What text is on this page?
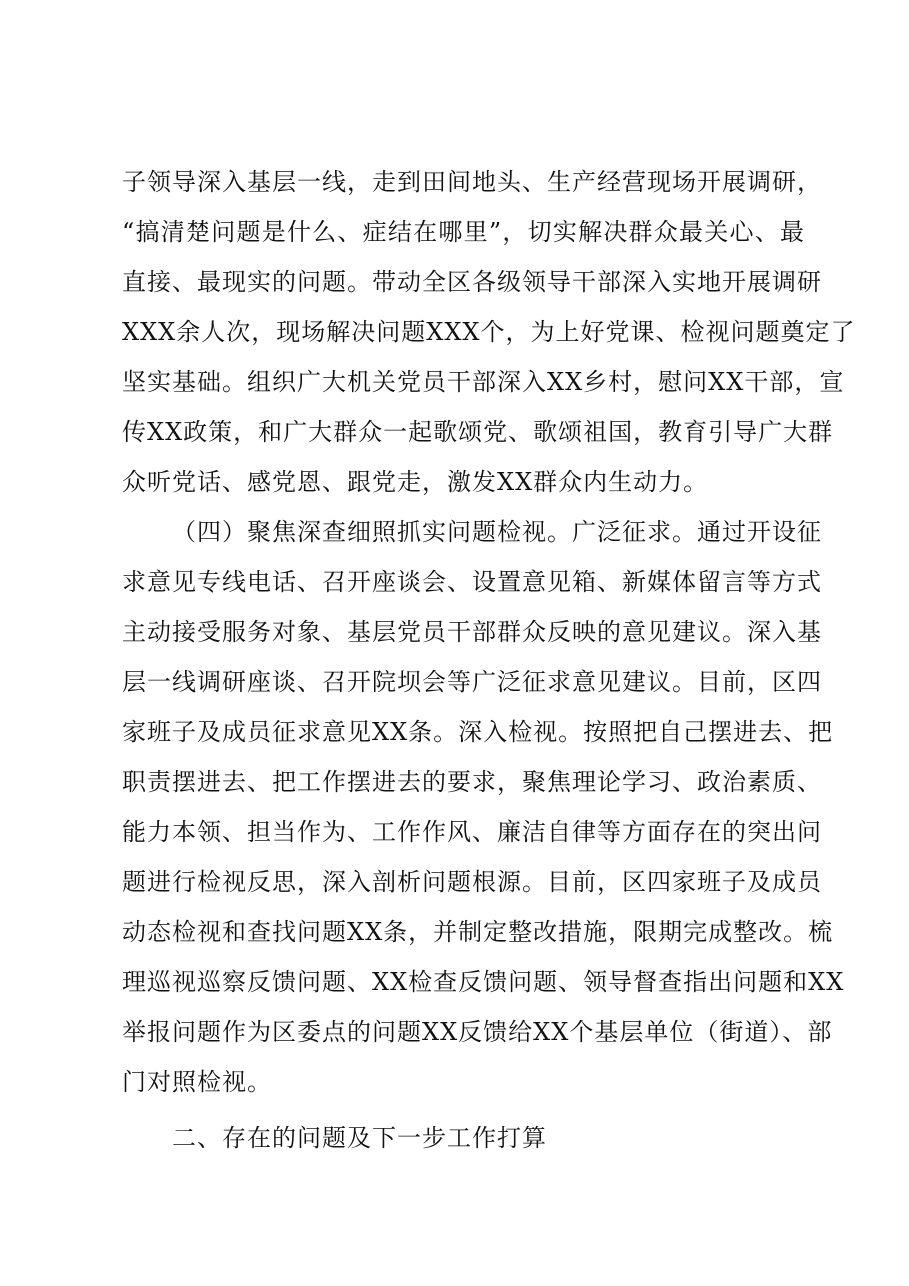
子领导深入基层一线，走到田间地头、生产经营现场开展调研，
“搞清楚问题是什么、症结在哪里”，切实解决群众最关心、最
直接、最现实的问题。带动全区各级领导干部深入实地开展调研
XXX余人次，现场解决问题XXX个，为上好党课、检视问题奠定了
坚实基础。组织广大机关党员干部深入XX乡村，慰问XX干部，宣
传XX政策，和广大群众一起歌颂党、歌颂祖国，教育引导广大群
众听党话、感党恩、跟党走，激发XX群众内生动力。
（四）聚焦深查细照抓实问题检视。广泛征求。通过开设征
求意见专线电话、召开座谈会、设置意见箱、新媒体留言等方式
主动接受服务对象、基层党员干部群众反映的意见建议。深入基
层一线调研座谈、召开院坝会等广泛征求意见建议。目前，区四
家班子及成员征求意见XX条。深入检视。按照把自己摆进去、把
职责摆进去、把工作摆进去的要求，聚焦理论学习、政治素质、
能力本领、担当作为、工作作风、廉洁自律等方面存在的突出问
题进行检视反思，深入剖析问题根源。目前，区四家班子及成员
动态检视和查找问题XX条，并制定整改措施，限期完成整改。梳
理巡视巡察反馈问题、XX检查反馈问题、领导督查指出问题和XX
举报问题作为区委点的问题XX反馈给XX个基层单位（街道）、部
门对照检视。
二、存在的问题及下一步工作打算
